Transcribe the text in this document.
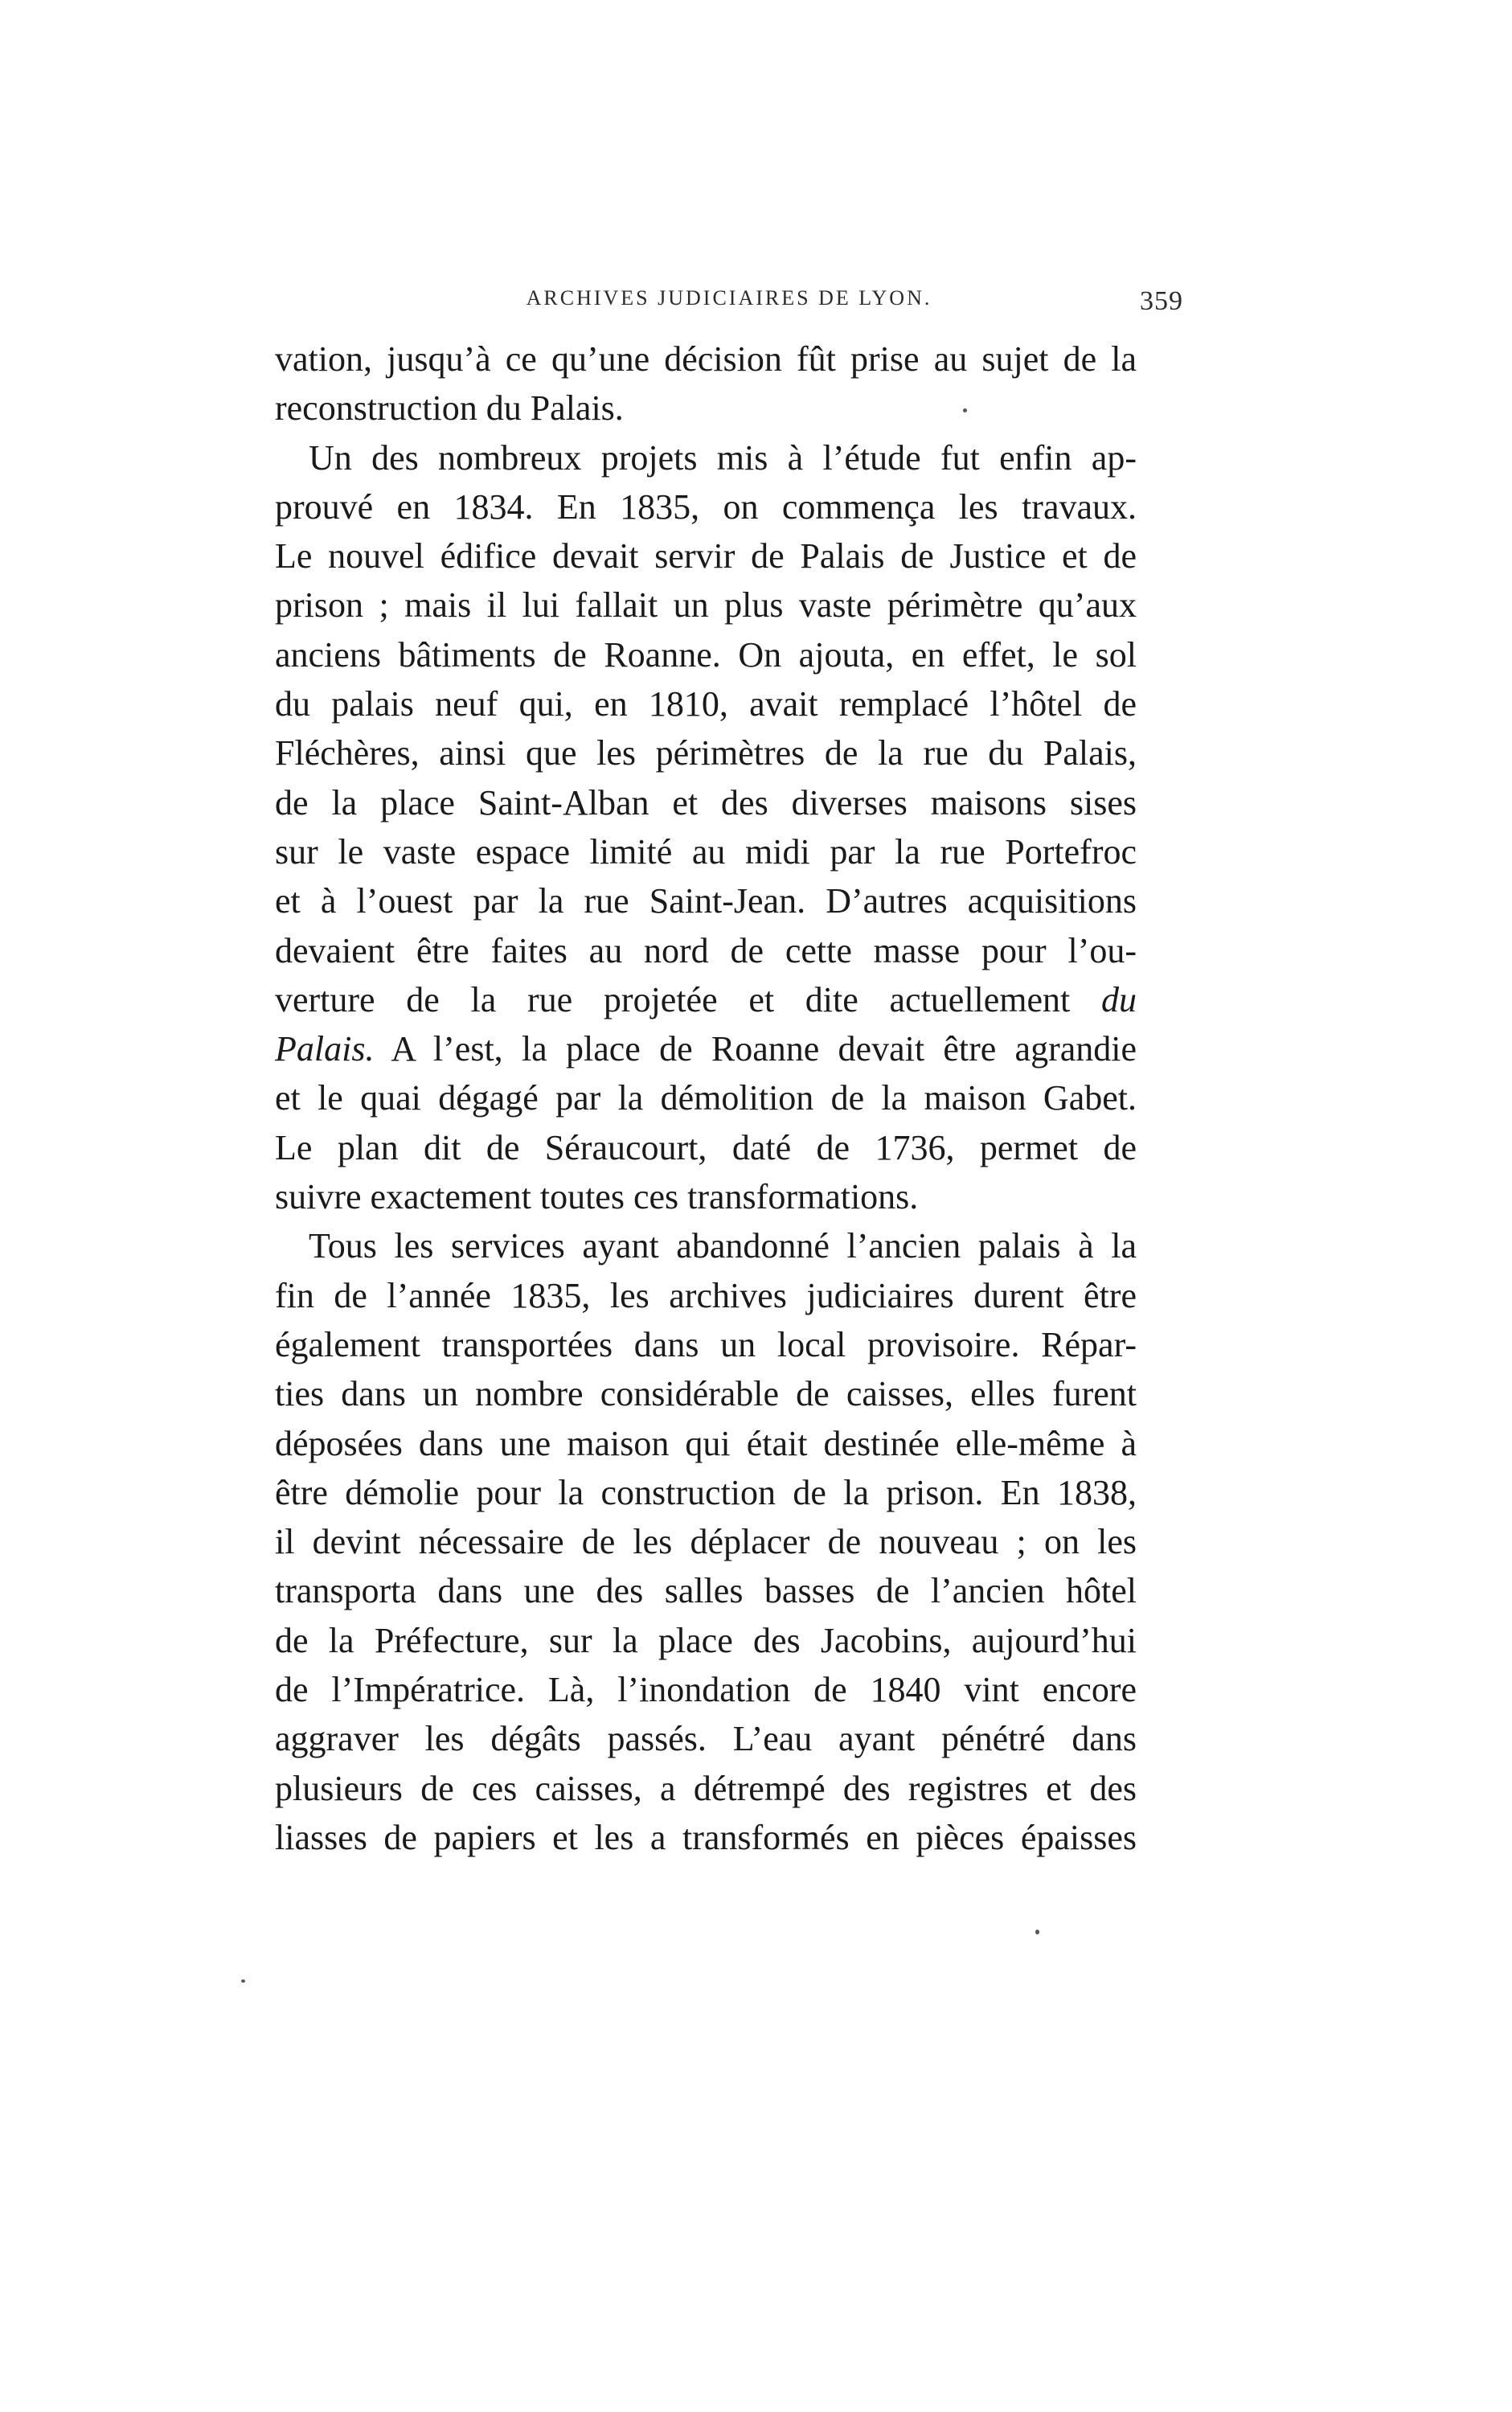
ARCHIVES JUDICIAIRES DE LYON.	359
vation, jusqu’à ce qu’une décision fût prise au sujet de la
reconstruction du Palais.
Un des nombreux projets mis à l’étude fut enfin ap-
prouvé en 1834. En 1835, on commença les travaux.
Le nouvel édifice devait servir de Palais de Justice et de
prison ; mais il lui fallait un plus vaste périmètre qu’aux
anciens bâtiments de Roanne. On ajouta, en effet, le sol
du palais neuf qui, en 1810, avait remplacé l’hôtel de
Fléchères, ainsi que les périmètres de la rue du Palais,
de la place Saint-Alban et des diverses maisons sises
sur le vaste espace limité au midi par la rue Portefroc
et à l’ouest par la rue Saint-Jean. D’autres acquisitions
devaient être faites au nord de cette masse pour l’ou-
verture de la rue projetée et dite actuellement du
Palais. A l’est, la place de Roanne devait être agrandie
et le quai dégagé par la démolition de la maison Gabet.
Le plan dit de Séraucourt, daté de 1736, permet de
suivre exactement toutes ces transformations.
Tous les services ayant abandonné l’ancien palais à la
fin de l’année 1835, les archives judiciaires durent être
également transportées dans un local provisoire. Répar-
ties dans un nombre considérable de caisses, elles furent
déposées dans une maison qui était destinée elle-même à
être démolie pour la construction de la prison. En 1838,
il devint nécessaire de les déplacer de nouveau ; on les
transporta dans une des salles basses de l’ancien hôtel
de la Préfecture, sur la place des Jacobins, aujourd’hui
de l’Impératrice. Là, l’inondation de 1840 vint encore
aggraver les dégâts passés. L’eau ayant pénétré dans
plusieurs de ces caisses, a détrempé des registres et des
liasses de papiers et les a transformés en pièces épaisses
